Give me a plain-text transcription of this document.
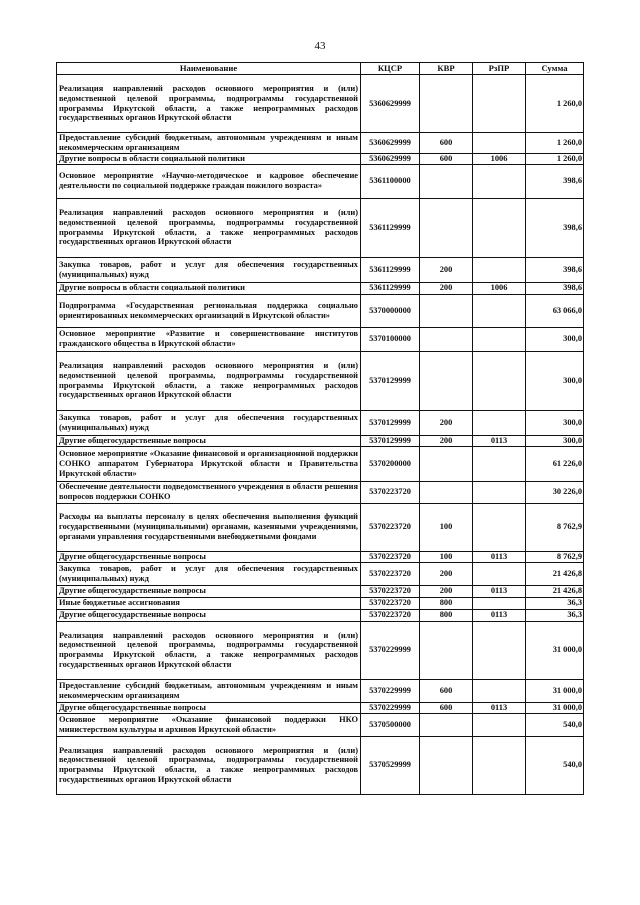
43
Наименование	КЦСР	КВР	РзПР	Сумма
Реализация направлений расходов основного мероприятия и (или) ведомственной целевой программы, подпрограммы государственной программы Иркутской области, а также непрограммных расходов государственных органов Иркутской области	5360629999			1 260,0
Предоставление субсидий бюджетным, автономным учреждениям и иным некоммерческим организациям	5360629999	600		1 260,0
Другие вопросы в области социальной политики	5360629999	600	1006	1 260,0
Основное мероприятие «Научно-методическое и кадровое обеспечение деятельности по социальной поддержке граждан пожилого возраста»	5361100000			398,6
Реализация направлений расходов основного мероприятия и (или) ведомственной целевой программы, подпрограммы государственной программы Иркутской области, а также непрограммных расходов государственных органов Иркутской области	5361129999			398,6
Закупка товаров, работ и услуг для обеспечения государственных (муниципальных) нужд	5361129999	200		398,6
Другие вопросы в области социальной политики	5361129999	200	1006	398,6
Подпрограмма «Государственная региональная поддержка социально ориентированных некоммерческих организаций в Иркутской области»	5370000000			63 066,0
Основное мероприятие «Развитие и совершенствование институтов гражданского общества в Иркутской области»	5370100000			300,0
Реализация направлений расходов основного мероприятия и (или) ведомственной целевой программы, подпрограммы государственной программы Иркутской области, а также непрограммных расходов государственных органов Иркутской области	5370129999			300,0
Закупка товаров, работ и услуг для обеспечения государственных (муниципальных) нужд	5370129999	200		300,0
Другие общегосударственные вопросы	5370129999	200	0113	300,0
Основное мероприятие «Оказание финансовой и организационной поддержки СОНКО аппаратом Губернатора Иркутской области и Правительства Иркутской области»	5370200000			61 226,0
Обеспечение деятельности подведомственного учреждения в области решения вопросов поддержки СОНКО	5370223720			30 226,0
Расходы на выплаты персоналу в целях обеспечения выполнения функций государственными (муниципальными) органами, казенными учреждениями, органами управления государственными внебюджетными фондами	5370223720	100		8 762,9
Другие общегосударственные вопросы	5370223720	100	0113	8 762,9
Закупка товаров, работ и услуг для обеспечения государственных (муниципальных) нужд	5370223720	200		21 426,8
Другие общегосударственные вопросы	5370223720	200	0113	21 426,8
Иные бюджетные ассигнования	5370223720	800		36,3
Другие общегосударственные вопросы	5370223720	800	0113	36,3
Реализация направлений расходов основного мероприятия и (или) ведомственной целевой программы, подпрограммы государственной программы Иркутской области, а также непрограммных расходов государственных органов Иркутской области	5370229999			31 000,0
Предоставление субсидий бюджетным, автономным учреждениям и иным некоммерческим организациям	5370229999	600		31 000,0
Другие общегосударственные вопросы	5370229999	600	0113	31 000,0
Основное мероприятие «Оказание финансовой поддержки НКО министерством культуры и архивов Иркутской области»	5370500000			540,0
Реализация направлений расходов основного мероприятия и (или) ведомственной целевой программы, подпрограммы государственной программы Иркутской области, а также непрограммных расходов государственных органов Иркутской области	5370529999			540,0
